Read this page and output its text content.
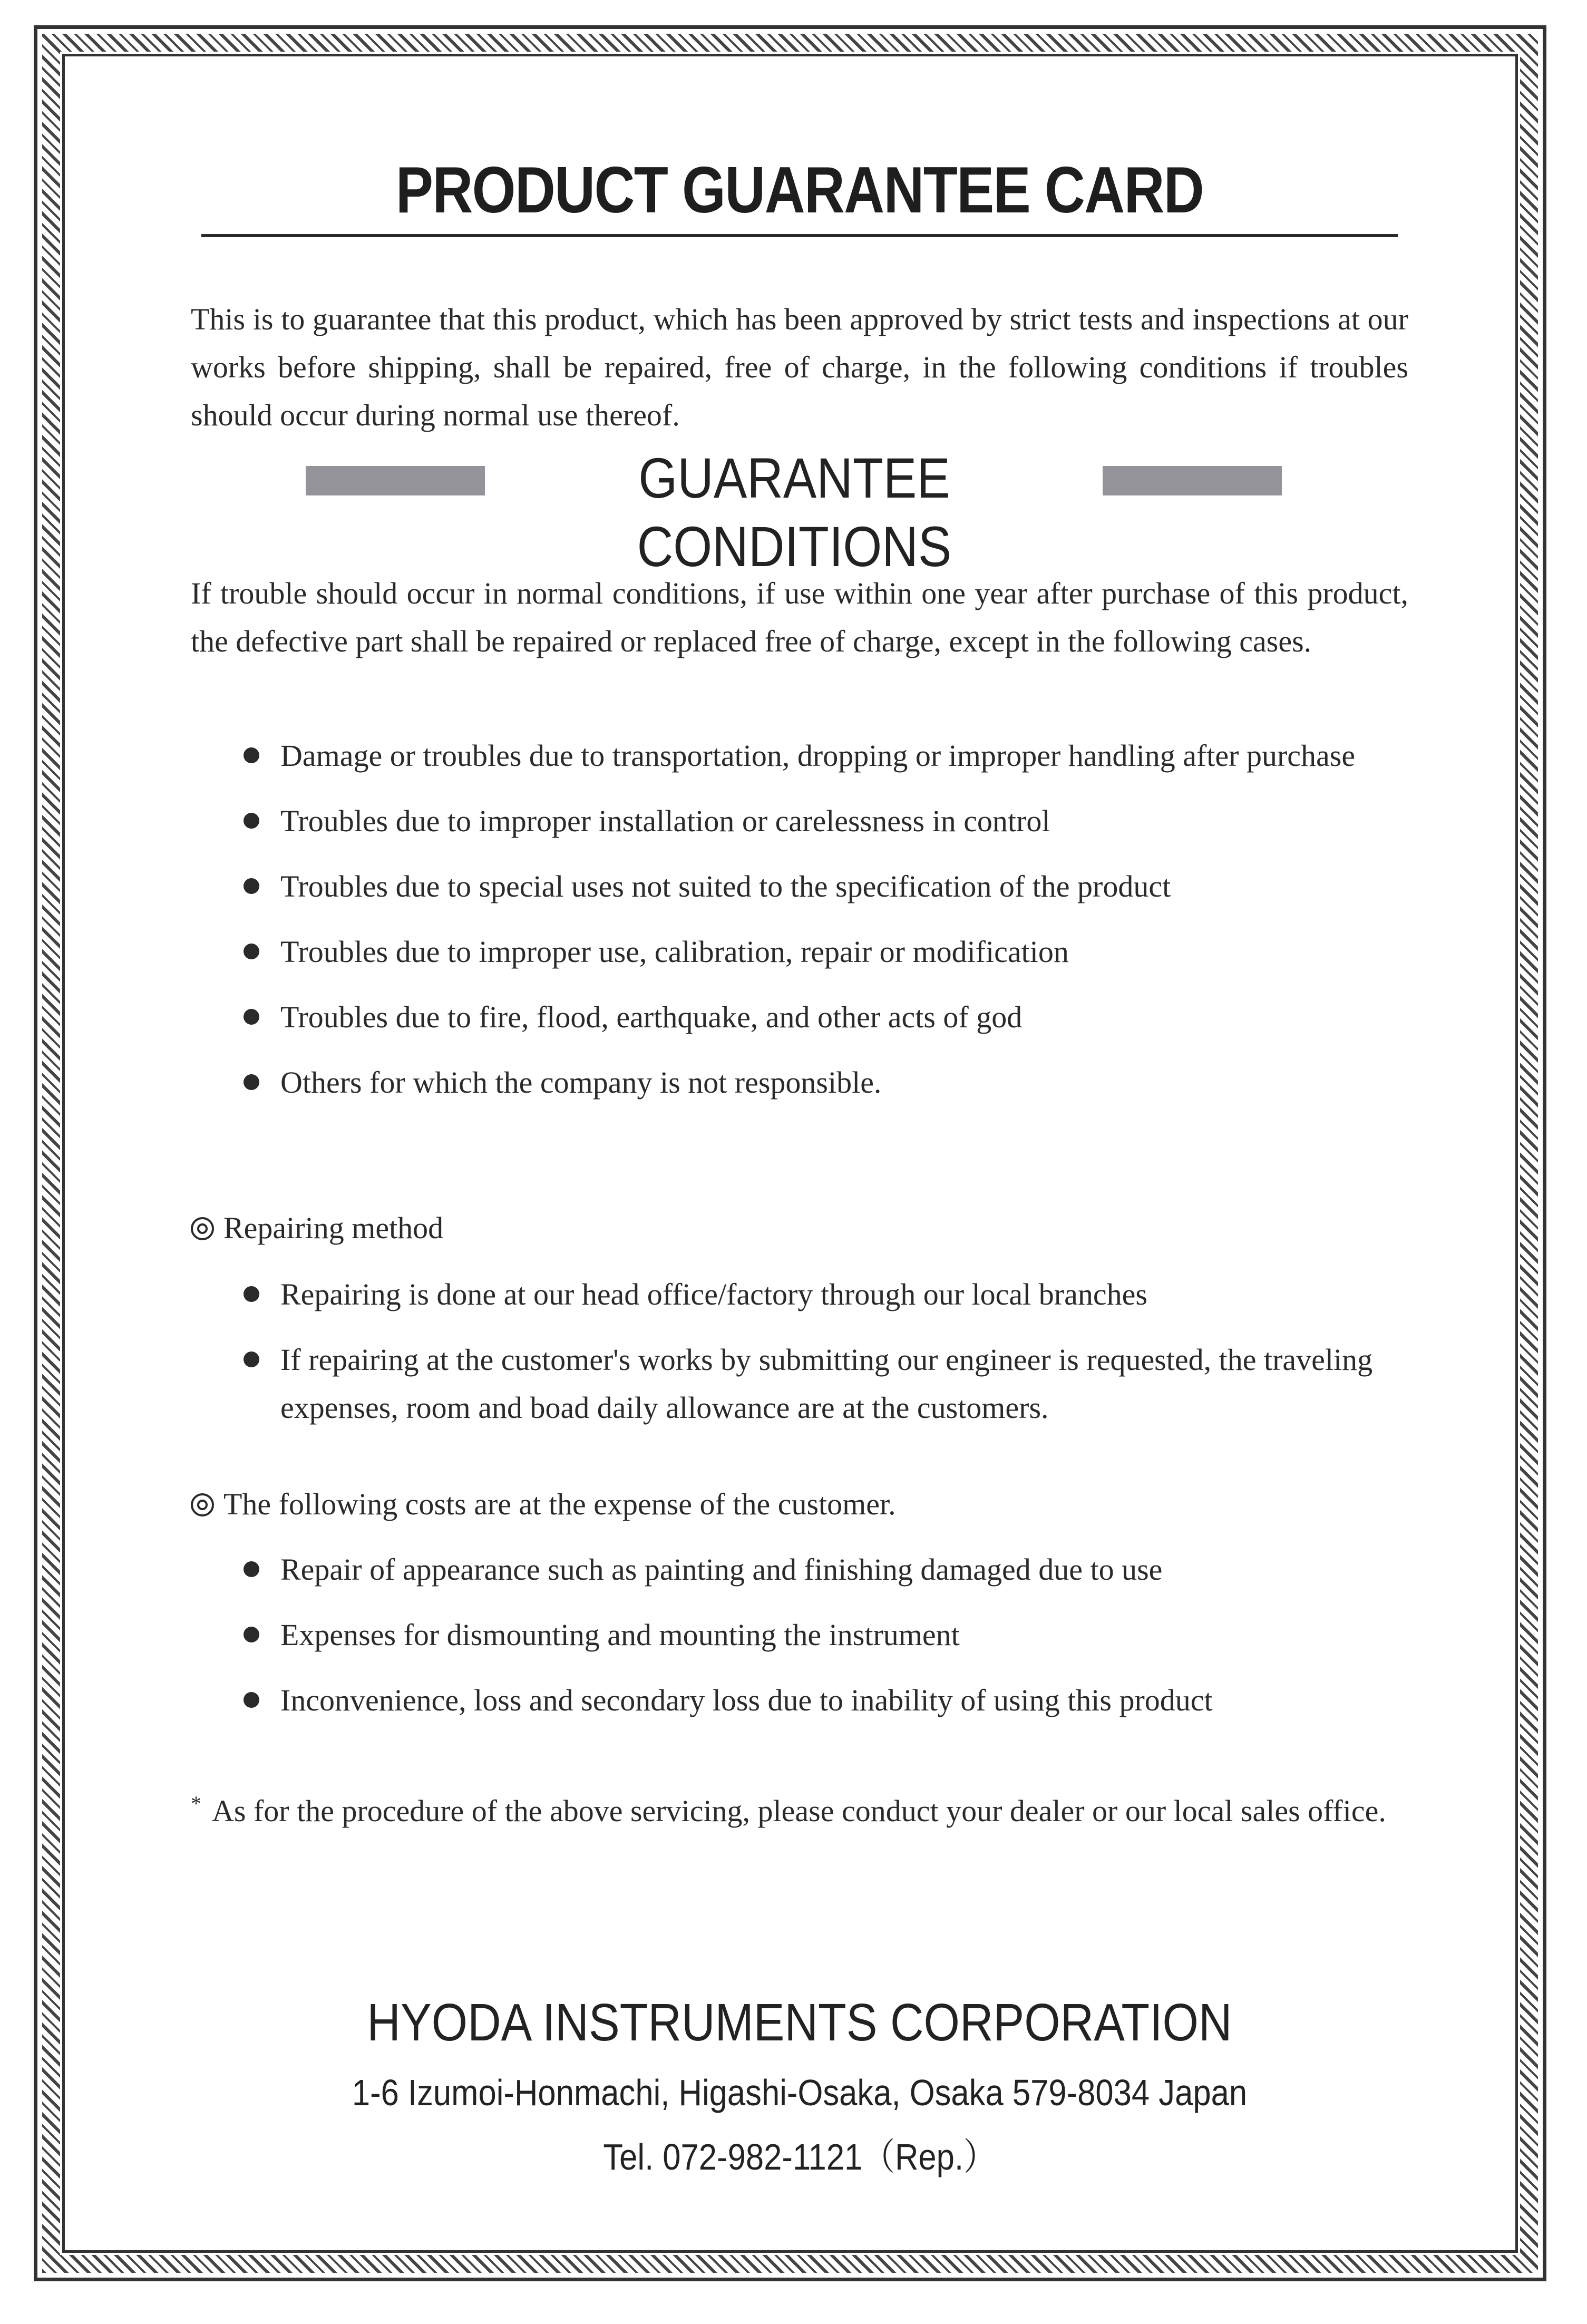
PRODUCT GUARANTEE CARD

This is to guarantee that this product, which has been approved by strict tests and inspections at our works before shipping, shall be repaired, free of charge, in the following conditions if troubles should occur during normal use thereof.

GUARANTEE CONDITIONS

If trouble should occur in normal conditions, if use within one year after purchase of this product, the defective part shall be repaired or replaced free of charge, except in the following cases.

Damage or troubles due to transportation, dropping or improper handling after purchase
Troubles due to improper installation or carelessness in control
Troubles due to special uses not suited to the specification of the product
Troubles due to improper use, calibration, repair or modification
Troubles due to fire, flood, earthquake, and other acts of god
Others for which the company is not responsible.
Repairing method
Repairing is done at our head office/factory through our local branches
If repairing at the customer's works by submitting our engineer is requested, the traveling expenses, room and boad daily allowance are at the customers.
The following costs are at the expense of the customer.
Repair of appearance such as painting and finishing damaged due to use
Expenses for dismounting and mounting the instrument
Inconvenience, loss and secondary loss due to inability of using this product

* As for the procedure of the above servicing, please conduct your dealer or our local sales office.

HYODA INSTRUMENTS CORPORATION
1-6 Izumoi-Honmachi, Higashi-Osaka, Osaka 579-8034 Japan
Tel. 072-982-1121（Rep.）
